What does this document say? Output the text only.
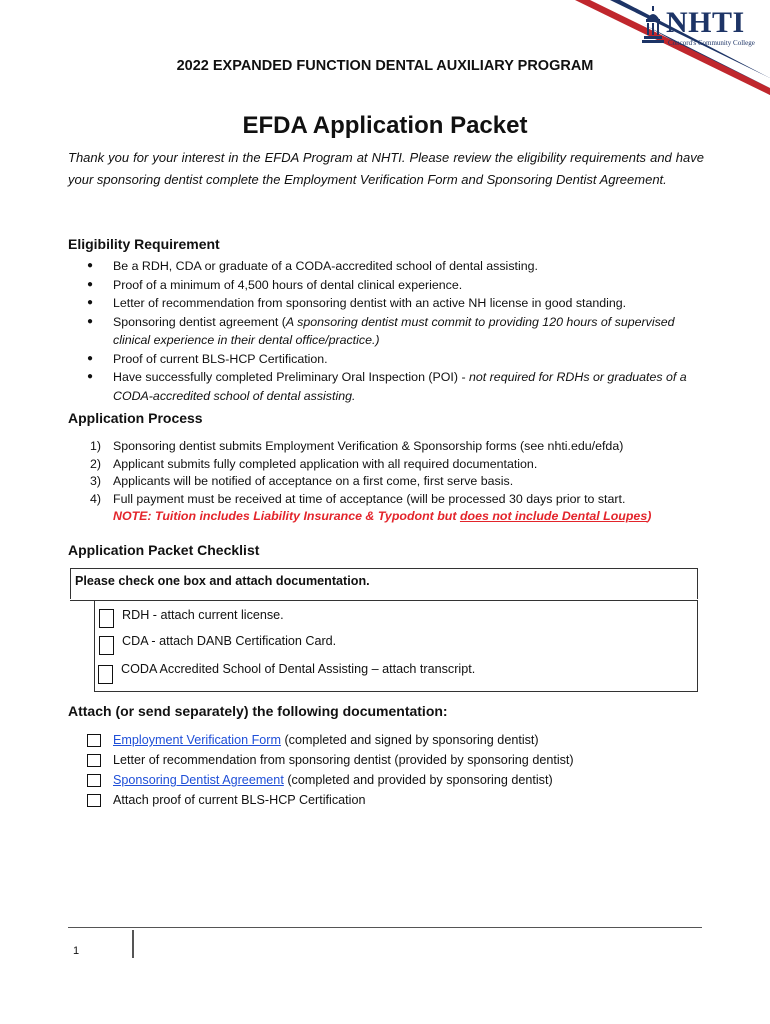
NHTI
Concord's Community College
2022 EXPANDED FUNCTION DENTAL AUXILIARY PROGRAM
EFDA Application Packet
Thank you for your interest in the EFDA Program at NHTI. Please review the eligibility requirements and have your sponsoring dentist complete the Employment Verification Form and Sponsoring Dentist Agreement.
Eligibility Requirement
● Be a RDH, CDA or graduate of a CODA-accredited school of dental assisting.
● Proof of a minimum of 4,500 hours of dental clinical experience.
● Letter of recommendation from sponsoring dentist with an active NH license in good standing.
● Sponsoring dentist agreement (A sponsoring dentist must commit to providing 120 hours of supervised clinical experience in their dental office/practice.)
● Proof of current BLS-HCP Certification.
● Have successfully completed Preliminary Oral Inspection (POI) - not required for RDHs or graduates of a CODA-accredited school of dental assisting.
Application Process
1) Sponsoring dentist submits Employment Verification & Sponsorship forms (see nhti.edu/efda)
2) Applicant submits fully completed application with all required documentation.
3) Applicants will be notified of acceptance on a first come, first serve basis.
4) Full payment must be received at time of acceptance (will be processed 30 days prior to start.
NOTE: Tuition includes Liability Insurance & Typodont but does not include Dental Loupes)
Application Packet Checklist
Please check one box and attach documentation.
RDH - attach current license.
CDA - attach DANB Certification Card.
CODA Accredited School of Dental Assisting – attach transcript.
Attach (or send separately) the following documentation:
Employment Verification Form (completed and signed by sponsoring dentist)
Letter of recommendation from sponsoring dentist (provided by sponsoring dentist)
Sponsoring Dentist Agreement (completed and provided by sponsoring dentist)
Attach proof of current BLS-HCP Certification
1
